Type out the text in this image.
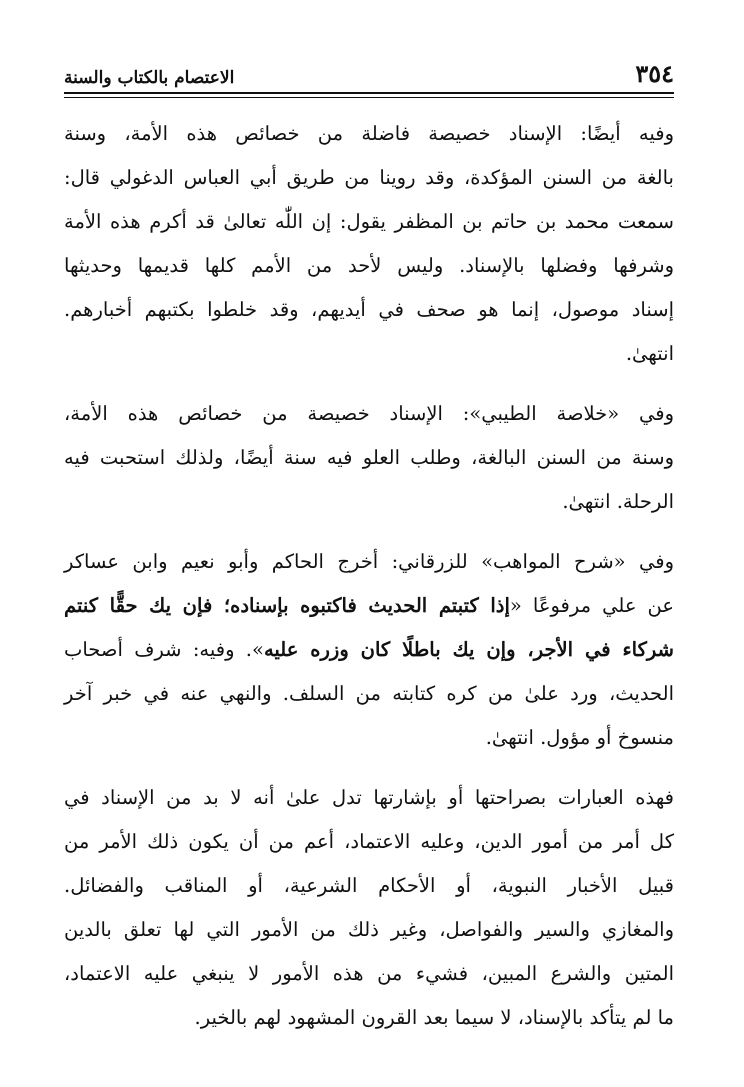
٣٥٤
الاعتصام بالكتاب والسنة

وفيه أيضًا: الإسناد خصيصة فاضلة من خصائص هذه الأمة، وسنة
بالغة من السنن المؤكدة، وقد روينا من طريق أبي العباس الدغولي قال:
سمعت محمد بن حاتم بن المظفر يقول: إن اللّٰه تعالىٰ قد أكرم هذه الأمة
وشرفها وفضلها بالإسناد. وليس لأحد من الأمم كلها قديمها وحديثها
إسناد موصول، إنما هو صحف في أيديهم، وقد خلطوا بكتبهم أخبارهم.
انتهىٰ.

وفي «خلاصة الطيبي»: الإسناد خصيصة من خصائص هذه الأمة،
وسنة من السنن البالغة، وطلب العلو فيه سنة أيضًا، ولذلك استحبت فيه
الرحلة. انتهىٰ.

وفي «شرح المواهب» للزرقاني: أخرج الحاكم وأبو نعيم وابن عساكر
عن علي مرفوعًا «إذا كتبتم الحديث فاكتبوه بإسناده؛ فإن يك حقًّا كنتم
شركاء في الأجر، وإن يك باطلًا كان وزره عليه». وفيه: شرف أصحاب
الحديث، ورد علىٰ من كره كتابته من السلف. والنهي عنه في خبر آخر
منسوخ أو مؤول. انتهىٰ.

فهذه العبارات بصراحتها أو بإشارتها تدل علىٰ أنه لا بد من الإسناد في
كل أمر من أمور الدين، وعليه الاعتماد، أعم من أن يكون ذلك الأمر من
قبيل الأخبار النبوية، أو الأحكام الشرعية، أو المناقب والفضائل.
والمغازي والسير والفواصل، وغير ذلك من الأمور التي لها تعلق بالدين
المتين والشرع المبين، فشيء من هذه الأمور لا ينبغي عليه الاعتماد،
ما لم يتأكد بالإسناد، لا سيما بعد القرون المشهود لهم بالخير.
